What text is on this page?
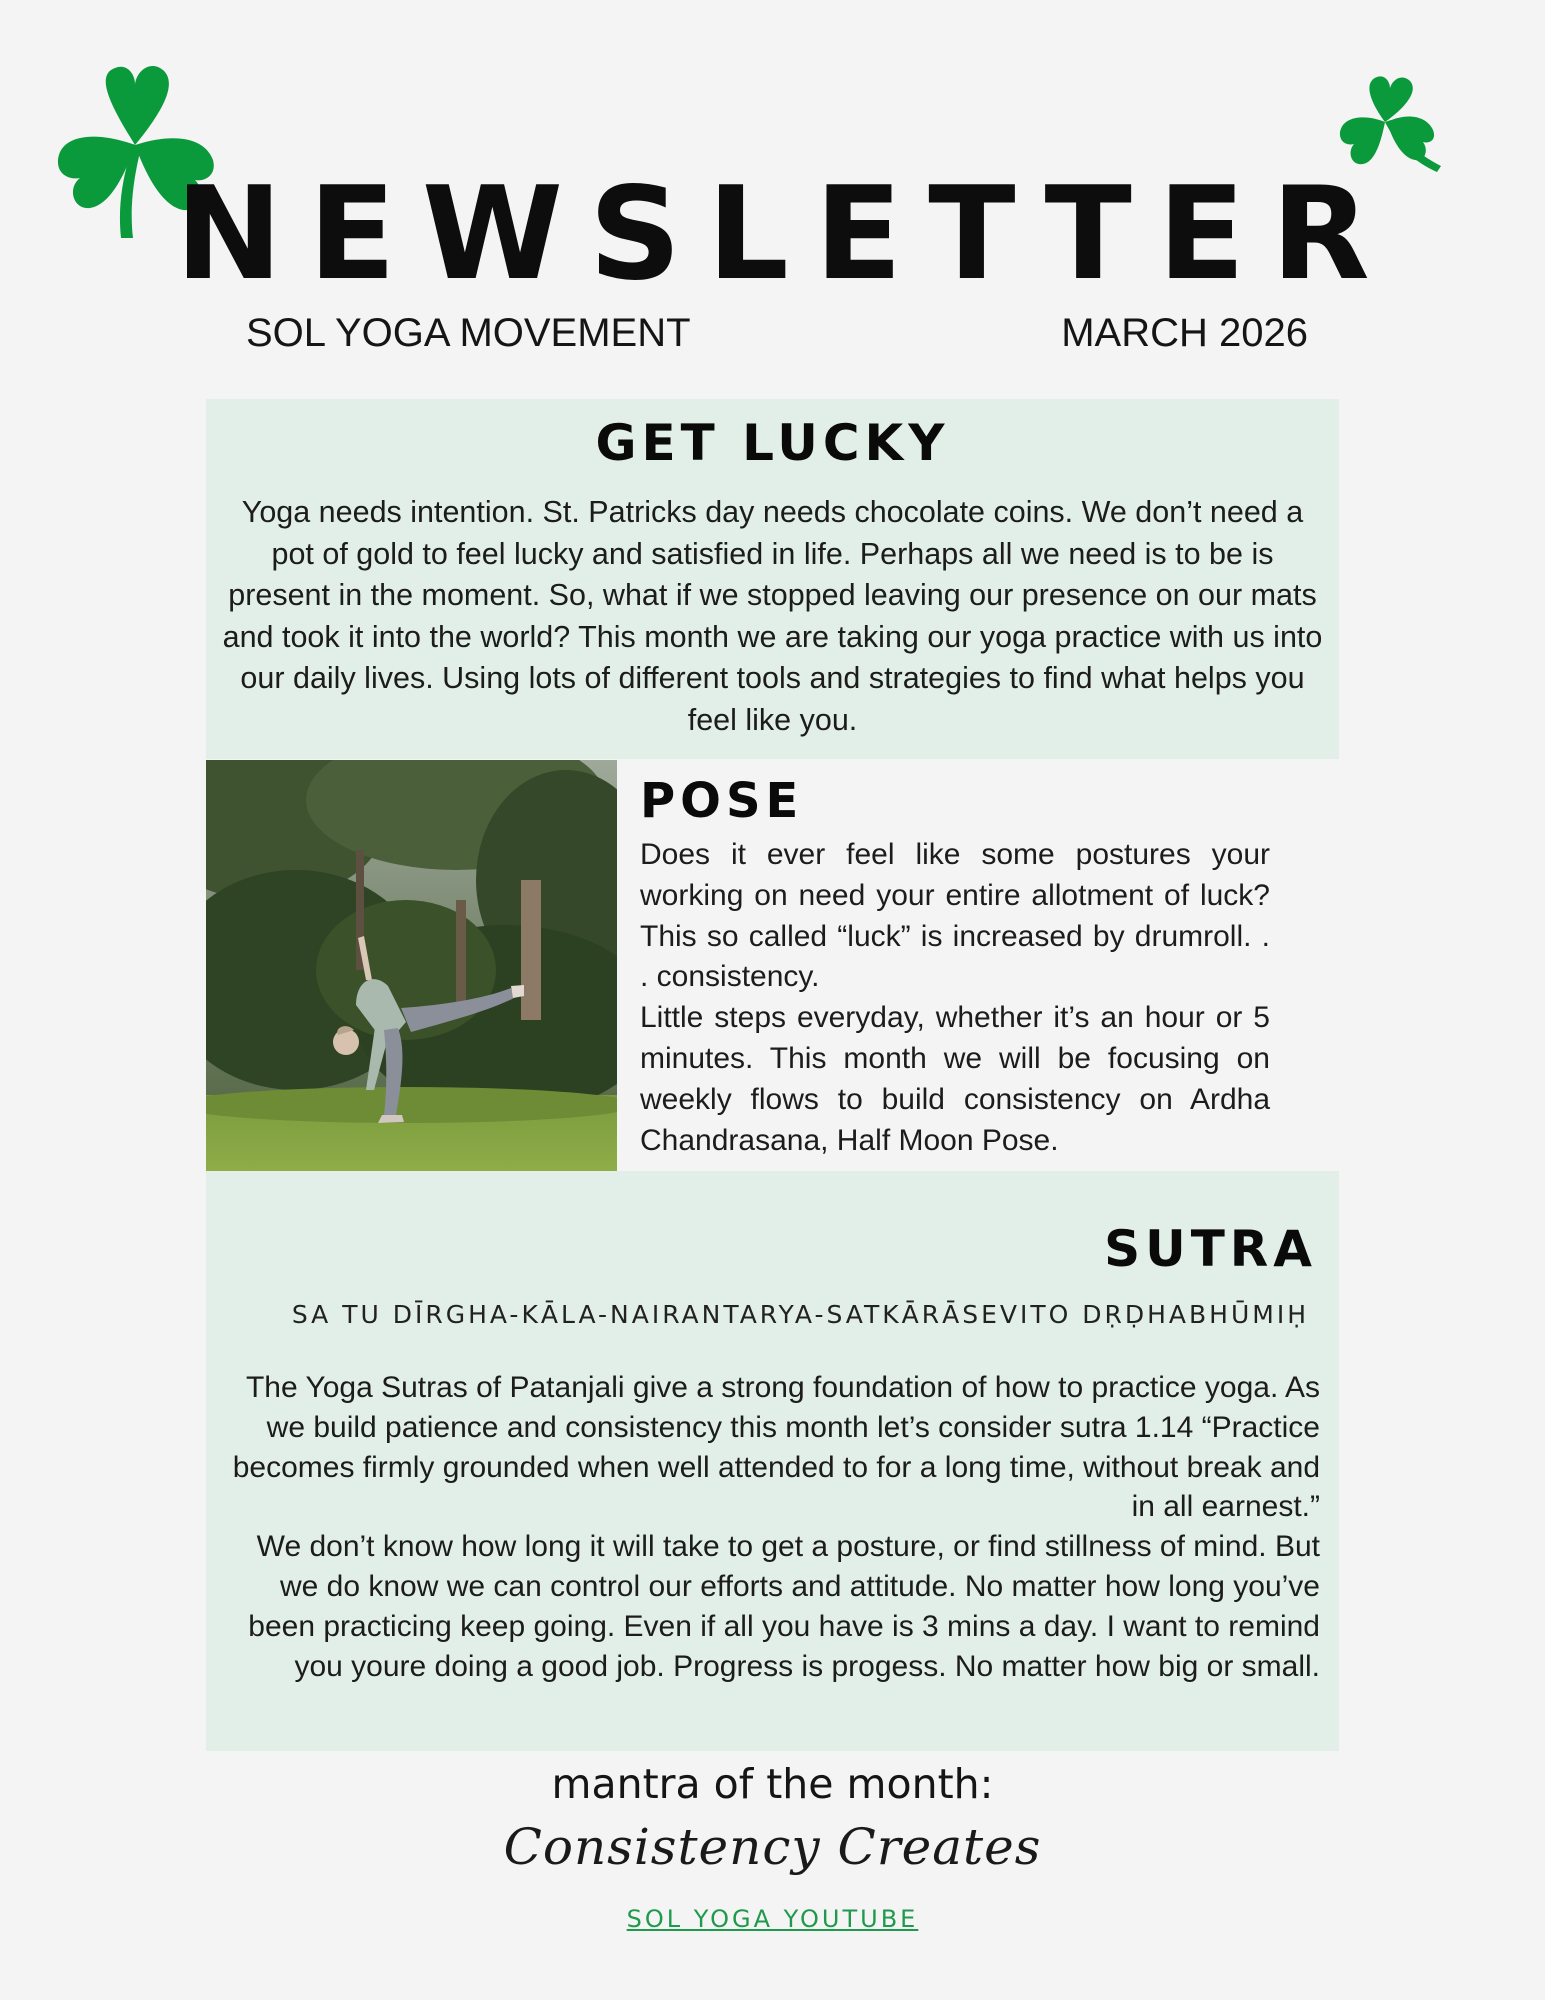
NEWSLETTER
SOL YOGA MOVEMENT	MARCH 2026
GET LUCKY

Yoga needs intention. St. Patricks day needs chocolate coins. We don’t need a pot of gold to feel lucky and satisfied in life. Perhaps all we need is to be is present in the moment. So, what if we stopped leaving our presence on our mats and took it into the world? This month we are taking our yoga practice with us into our daily lives. Using lots of different tools and strategies to find what helps you feel like you.

POSE

Does it ever feel like some postures your working on need your entire allotment of luck? This so called “luck” is increased by drumroll. . . consistency.

Little steps everyday, whether it’s an hour or 5 minutes. This month we will be focusing on weekly flows to build consistency on Ardha Chandrasana, Half Moon Pose.

SUTRA
SA TU DĪRGHA-KĀLA-NAIRANTARYA-SATKĀRĀSEVITO DṚḌHABHŪMIḤ
The Yoga Sutras of Patanjali give a strong foundation of how to practice yoga. As we build patience and consistency this month let’s consider sutra 1.14 “Practice becomes firmly grounded when well attended to for a long time, without break and in all earnest.”
We don’t know how long it will take to get a posture, or find stillness of mind. But we do know we can control our efforts and attitude. No matter how long you’ve been practicing keep going. Even if all you have is 3 mins a day. I want to remind you youre doing a good job. Progress is progess. No matter how big or small.
mantra of the month:
Consistency Creates
SOL YOGA YOUTUBE
